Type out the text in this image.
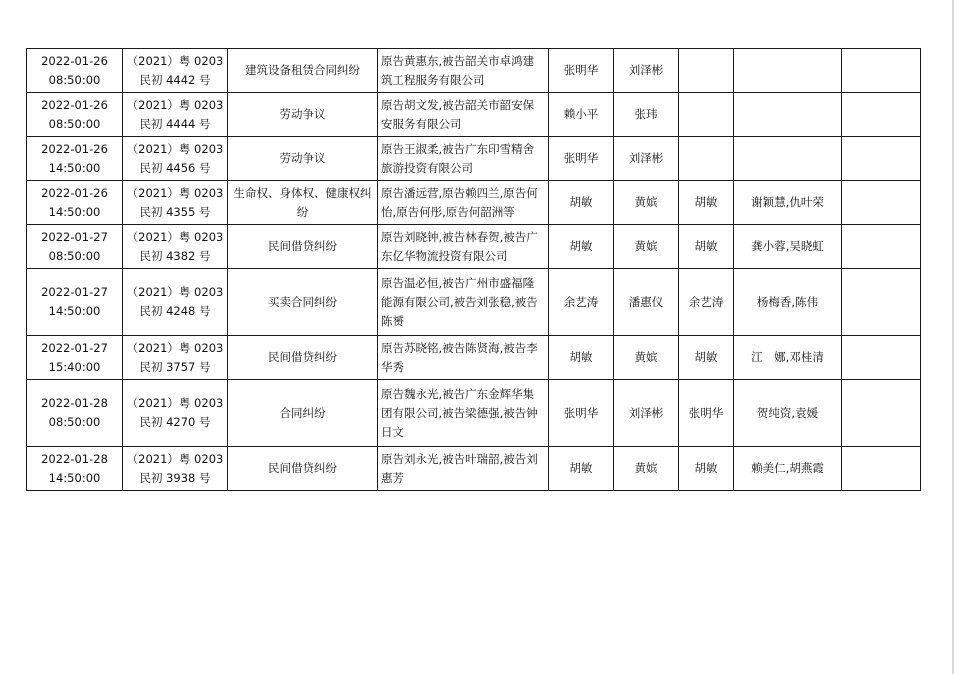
2022-01-26
08:50:00	（2021）粤 0203
民初 4442 号	建筑设备租赁合同纠纷	原告黄惠东,被告韶关市卓鸿建筑工程服务有限公司	张明华	刘泽彬			

2022-01-26
08:50:00	（2021）粤 0203
民初 4444 号	劳动争议	原告胡文发,被告韶关市韶安保安服务有限公司	赖小平	张玮			

2022-01-26
14:50:00	（2021）粤 0203
民初 4456 号	劳动争议	原告王淑柔,被告广东印雪精舍旅游投资有限公司	张明华	刘泽彬			

2022-01-26
14:50:00	（2021）粤 0203
民初 4355 号	生命权、身体权、健康权纠纷	原告潘远营,原告赖四兰,原告何怡,原告何彤,原告何韶洲等	胡敏	黄嫔	胡敏	谢颖慧,仇叶荣	

2022-01-27
08:50:00	（2021）粤 0203
民初 4382 号	民间借贷纠纷	原告刘晓钟,被告林春贺,被告广东亿华物流投资有限公司	胡敏	黄嫔	胡敏	龚小蓉,吴晓虹	

2022-01-27
14:50:00	（2021）粤 0203
民初 4248 号	买卖合同纠纷	原告温必恒,被告广州市盛福隆能源有限公司,被告刘张稳,被告陈赟	余艺涛	潘惠仪	余艺涛	杨梅香,陈伟	

2022-01-27
15:40:00	（2021）粤 0203
民初 3757 号	民间借贷纠纷	原告苏晓铭,被告陈贤海,被告李华秀	胡敏	黄嫔	胡敏	江　娜,邓桂清	

2022-01-28
08:50:00	（2021）粤 0203
民初 4270 号	合同纠纷	原告魏永光,被告广东金辉华集团有限公司,被告梁德强,被告钟日文	张明华	刘泽彬	张明华	贺纯资,袁媛	

2022-01-28
14:50:00	（2021）粤 0203
民初 3938 号	民间借贷纠纷	原告刘永光,被告叶瑞韶,被告刘惠芳	胡敏	黄嫔	胡敏	赖美仁,胡燕霞	
